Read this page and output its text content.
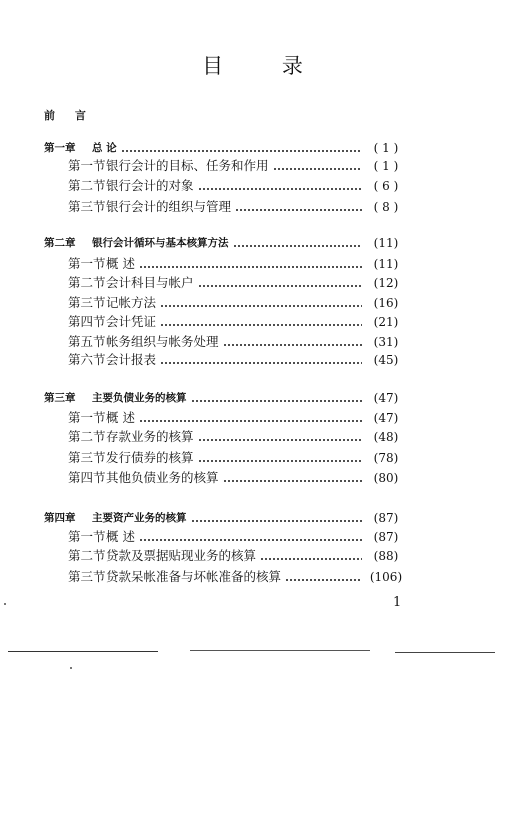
目 录
前 言
第一章	总 论	( 1 )
第一节 银行会计的目标、任务和作用	( 1 )
第二节 银行会计的对象	( 6 )
第三节 银行会计的组织与管理	( 8 )
第二章	银行会计循环与基本核算方法	(11)
第一节 概 述	(11)
第二节 会计科目与帐户	(12)
第三节 记帐方法	(16)
第四节 会计凭证	(21)
第五节 帐务组织与帐务处理	(31)
第六节 会计报表	(45)
第三章	主要负债业务的核算	(47)
第一节 概 述	(47)
第二节 存款业务的核算	(48)
第三节 发行债券的核算	(78)
第四节 其他负债业务的核算	(80)
第四章	主要资产业务的核算	(87)
第一节 概 述	(87)
第二节 贷款及票据贴现业务的核算	(88)
第三节 贷款呆帐准备与坏帐准备的核算	(106)
1
